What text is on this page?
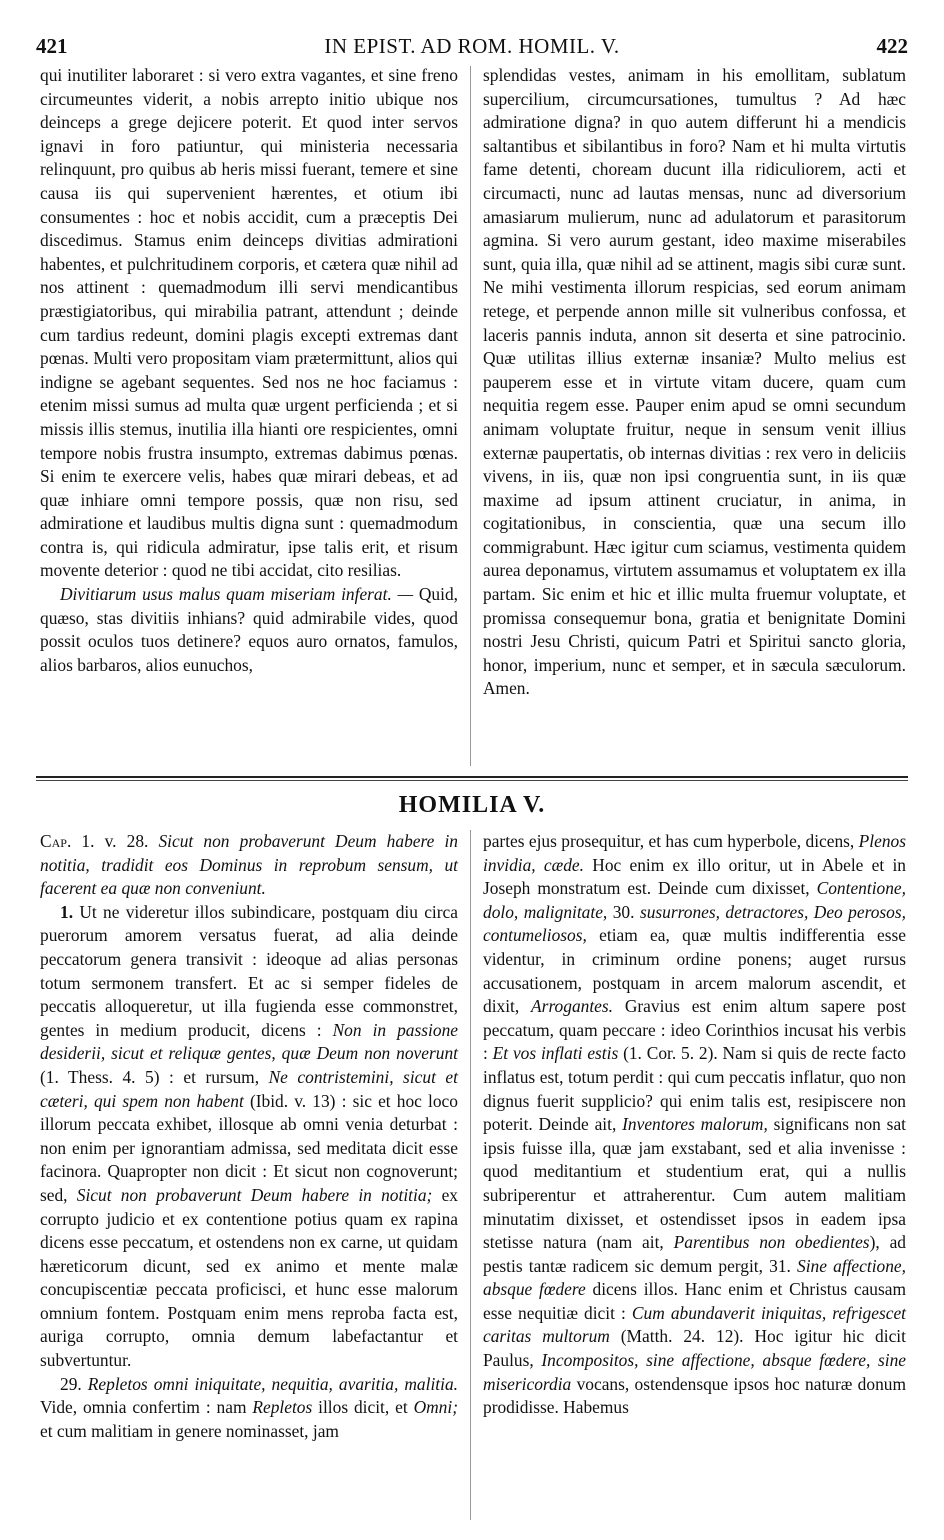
421	IN EPIST. AD ROM. HOMIL. V.	422

qui inutiliter laboraret : si vero extra vagantes, et sine freno circumeuntes viderit, a nobis arrepto initio ubique nos deinceps a grege dejicere poterit. Et quod inter servos ignavi in foro patiuntur, qui ministeria necessaria relinquunt, pro quibus ab heris missi fuerant, temere et sine causa iis qui supervenient hærentes, et otium ibi consumentes : hoc et nobis accidit, cum a præceptis Dei discedimus. Stamus enim deinceps divitias admirationi habentes, et pulchritudinem corporis, et cætera quæ nihil ad nos attinent : quemadmodum illi servi mendicantibus præstigiatoribus, qui mirabilia patrant, attendunt ; deinde cum tardius redeunt, domini plagis excepti extremas dant pœnas. Multi vero propositam viam prætermittunt, alios qui indigne se agebant sequentes. Sed nos ne hoc faciamus : etenim missi sumus ad multa quæ urgent perficienda ; et si missis illis stemus, inutilia illa hianti ore respicientes, omni tempore nobis frustra insumpto, extremas dabimus pœnas. Si enim te exercere velis, habes quæ mirari debeas, et ad quæ inhiare omni tempore possis, quæ non risu, sed admiratione et laudibus multis digna sunt : quemadmodum contra is, qui ridicula admiratur, ipse talis erit, et risum movente deterior : quod ne tibi accidat, cito resilias.

Divitiarum usus malus quam miseriam inferat. — Quid, quæso, stas divitiis inhians? quid admirabile vides, quod possit oculos tuos detinere? equos auro ornatos, famulos, alios barbaros, alios eunuchos,

splendidas vestes, animam in his emollitam, sublatum supercilium, circumcursationes, tumultus ? Ad hæc admiratione digna? in quo autem differunt hi a mendicis saltantibus et sibilantibus in foro? Nam et hi multa virtutis fame detenti, choream ducunt illa ridiculiorem, acti et circumacti, nunc ad lautas mensas, nunc ad diversorium amasiarum mulierum, nunc ad adulatorum et parasitorum agmina. Si vero aurum gestant, ideo maxime miserabiles sunt, quia illa, quæ nihil ad se attinent, magis sibi curæ sunt. Ne mihi vestimenta illorum respicias, sed eorum animam retege, et perpende annon mille sit vulneribus confossa, et laceris pannis induta, annon sit deserta et sine patrocinio. Quæ utilitas illius externæ insaniæ? Multo melius est pauperem esse et in virtute vitam ducere, quam cum nequitia regem esse. Pauper enim apud se omni secundum animam voluptate fruitur, neque in sensum venit illius externæ paupertatis, ob internas divitias : rex vero in deliciis vivens, in iis, quæ non ipsi congruentia sunt, in iis quæ maxime ad ipsum attinent cruciatur, in anima, in cogitationibus, in conscientia, quæ una secum illo commigrabunt. Hæc igitur cum sciamus, vestimenta quidem aurea deponamus, virtutem assumamus et voluptatem ex illa partam. Sic enim et hic et illic multa fruemur voluptate, et promissa consequemur bona, gratia et benignitate Domini nostri Jesu Christi, quicum Patri et Spiritui sancto gloria, honor, imperium, nunc et semper, et in sæcula sæculorum. Amen.

HOMILIA V.

Cap. 1. v. 28. Sicut non probaverunt Deum habere in notitia, tradidit eos Dominus in reprobum sensum, ut facerent ea quæ non conveniunt.

1. Ut ne videretur illos subindicare, postquam diu circa puerorum amorem versatus fuerat, ad alia deinde peccatorum genera transivit : ideoque ad alias personas totum sermonem transfert. Et ac si semper fideles de peccatis alloqueretur, ut illa fugienda esse commonstret, gentes in medium producit, dicens : Non in passione desiderii, sicut et reliquæ gentes, quæ Deum non noverunt (1. Thess. 4. 5) : et rursum, Ne contristemini, sicut et cæteri, qui spem non habent (Ibid. v. 13) : sic et hoc loco illorum peccata exhibet, illosque ab omni venia deturbat : non enim per ignorantiam admissa, sed meditata dicit esse facinora. Quapropter non dicit : Et sicut non cognoverunt; sed, Sicut non probaverunt Deum habere in notitia; ex corrupto judicio et ex contentione potius quam ex rapina dicens esse peccatum, et ostendens non ex carne, ut quidam hæreticorum dicunt, sed ex animo et mente malæ concupiscentiæ peccata proficisci, et hunc esse malorum omnium fontem. Postquam enim mens reproba facta est, auriga corrupto, omnia demum labefactantur et subvertuntur.

29. Repletos omni iniquitate, nequitia, avaritia, malitia. Vide, omnia confertim : nam Repletos illos dicit, et Omni; et cum malitiam in genere nominasset, jam

partes ejus prosequitur, et has cum hyperbole, dicens, Plenos invidia, cæde. Hoc enim ex illo oritur, ut in Abele et in Joseph monstratum est. Deinde cum dixisset, Contentione, dolo, malignitate, 30. susurrones, detractores, Deo perosos, contumeliosos, etiam ea, quæ multis indifferentia esse videntur, in criminum ordine ponens; auget rursus accusationem, postquam in arcem malorum ascendit, et dixit, Arrogantes. Gravius est enim altum sapere post peccatum, quam peccare : ideo Corinthios incusat his verbis : Et vos inflati estis (1. Cor. 5. 2). Nam si quis de recte facto inflatus est, totum perdit : qui cum peccatis inflatur, quo non dignus fuerit supplicio? qui enim talis est, resipiscere non poterit. Deinde ait, Inventores malorum, significans non sat ipsis fuisse illa, quæ jam exstabant, sed et alia invenisse : quod meditantium et studentium erat, qui a nullis subriperentur et attraherentur. Cum autem malitiam minutatim dixisset, et ostendisset ipsos in eadem ipsa stetisse natura (nam ait, Parentibus non obedientes), ad pestis tantæ radicem sic demum pergit, 31. Sine affectione, absque fœdere dicens illos. Hanc enim et Christus causam esse nequitiæ dicit : Cum abundaverit iniquitas, refrigescet caritas multorum (Matth. 24. 12). Hoc igitur hic dicit Paulus, Incompositos, sine affectione, absque fœdere, sine misericordia vocans, ostendensque ipsos hoc naturæ donum prodidisse. Habemus
